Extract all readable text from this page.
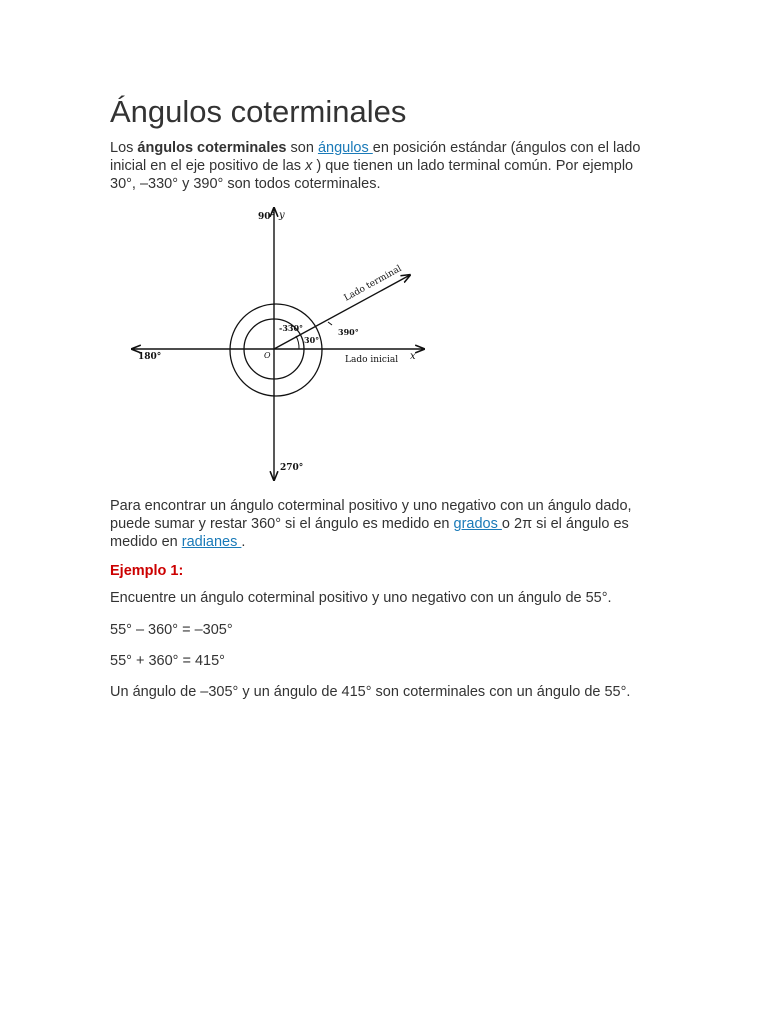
Ángulos coterminales

Los ángulos coterminales son ángulos en posición estándar (ángulos con el lado inicial en el eje positivo de las x ) que tienen un lado terminal común. Por ejemplo 30°, –330° y 390° son todos coterminales.

Para encontrar un ángulo coterminal positivo y uno negativo con un ángulo dado, puede sumar y restar 360° si el ángulo es medido en grados o 2π si el ángulo es medido en radianes .

Ejemplo 1:

Encuentre un ángulo coterminal positivo y uno negativo con un ángulo de 55°.

55° – 360° = –305°

55° + 360° = 415°

Un ángulo de –305° y un ángulo de 415° son coterminales con un ángulo de 55°.

90° y
180°
270°
x
O
-330°
30°
390°
Lado inicial
Lado terminal
